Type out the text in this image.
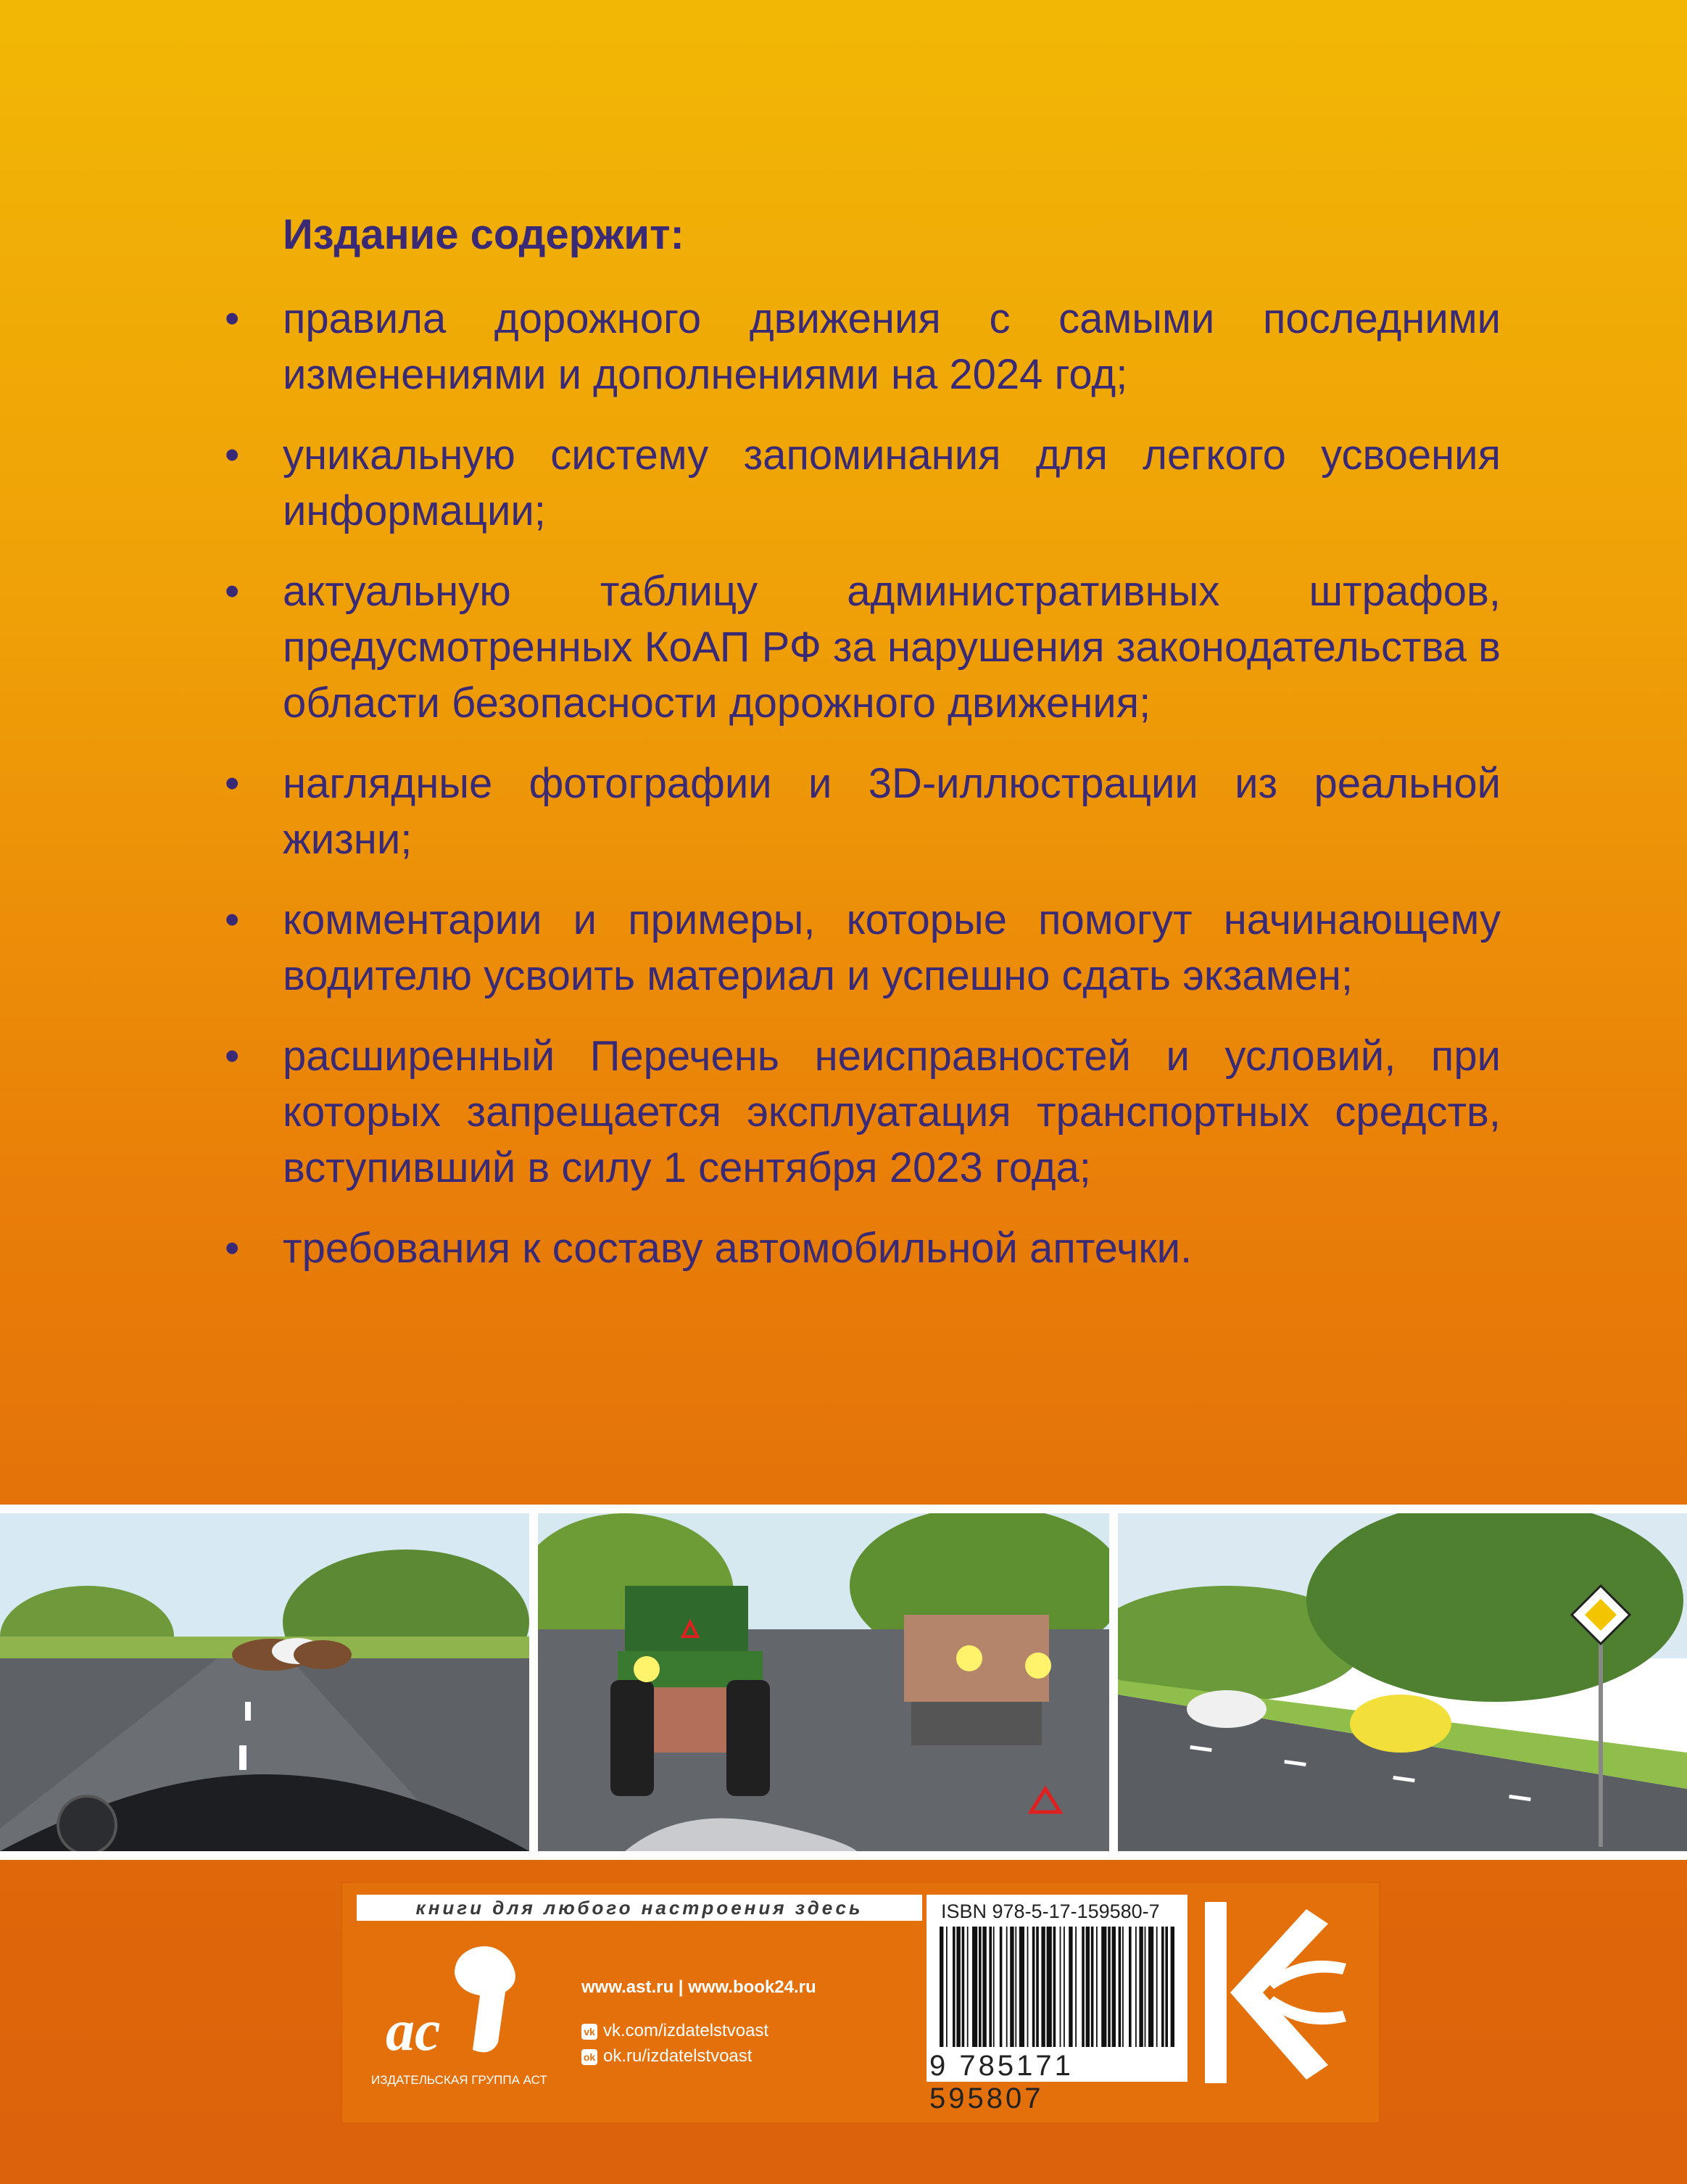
Издание содержит:
• правила дорожного движения с самыми последними изменениями и дополнениями на 2024 год;
• уникальную систему запоминания для легкого усвоения информации;
• актуальную таблицу административных штрафов, предусмотренных КоАП РФ за нарушения законодательства в области безопасности дорожного движения;
• наглядные фотографии и 3D-иллюстрации из реальной жизни;
• комментарии и примеры, которые помогут начинающему водителю усвоить материал и успешно сдать экзамен;
• расширенный Перечень неисправностей и условий, при которых запрещается эксплуатация транспортных средств, вступивший в силу 1 сентября 2023 года;
• требования к составу автомобильной аптечки.
книги для любого настроения здесь
ac
ИЗДАТЕЛЬСКАЯ ГРУППА АСТ
www.ast.ru | www.book24.ru
vk vk.com/izdatelstvoast
ok ok.ru/izdatelstvoast
ISBN 978-5-17-159580-7
9 785171 595807
